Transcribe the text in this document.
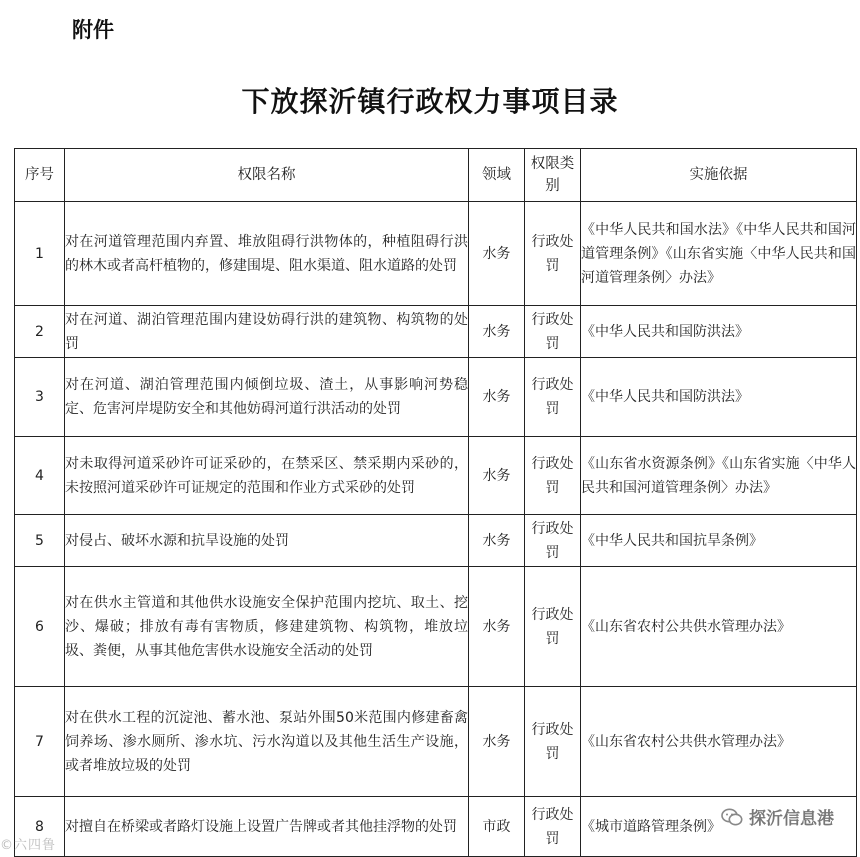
附件
下放探沂镇行政权力事项目录
序号	权限名称	领域	权限类别	实施依据
1	对在河道管理范围内弃置、堆放阻碍行洪物体的，种植阻碍行洪的林木或者高杆植物的，修建围堤、阻水渠道、阻水道路的处罚	水务	行政处罚	《中华人民共和国水法》《中华人民共和国河道管理条例》《山东省实施〈中华人民共和国河道管理条例〉办法》
2	对在河道、湖泊管理范围内建设妨碍行洪的建筑物、构筑物的处罚	水务	行政处罚	《中华人民共和国防洪法》
3	对在河道、湖泊管理范围内倾倒垃圾、渣土，从事影响河势稳定、危害河岸堤防安全和其他妨碍河道行洪活动的处罚	水务	行政处罚	《中华人民共和国防洪法》
4	对未取得河道采砂许可证采砂的，在禁采区、禁采期内采砂的，未按照河道采砂许可证规定的范围和作业方式采砂的处罚	水务	行政处罚	《山东省水资源条例》《山东省实施〈中华人民共和国河道管理条例〉办法》
5	对侵占、破坏水源和抗旱设施的处罚	水务	行政处罚	《中华人民共和国抗旱条例》
6	对在供水主管道和其他供水设施安全保护范围内挖坑、取土、挖沙、爆破；排放有毒有害物质，修建建筑物、构筑物，堆放垃圾、粪便，从事其他危害供水设施安全活动的处罚	水务	行政处罚	《山东省农村公共供水管理办法》
7	对在供水工程的沉淀池、蓄水池、泵站外围50米范围内修建畜禽饲养场、渗水厕所、渗水坑、污水沟道以及其他生活生产设施，或者堆放垃圾的处罚	水务	行政处罚	《山东省农村公共供水管理办法》
8	对擅自在桥梁或者路灯设施上设置广告牌或者其他挂浮物的处罚	市政	行政处罚	《城市道路管理条例》
©六四鲁
探沂信息港
